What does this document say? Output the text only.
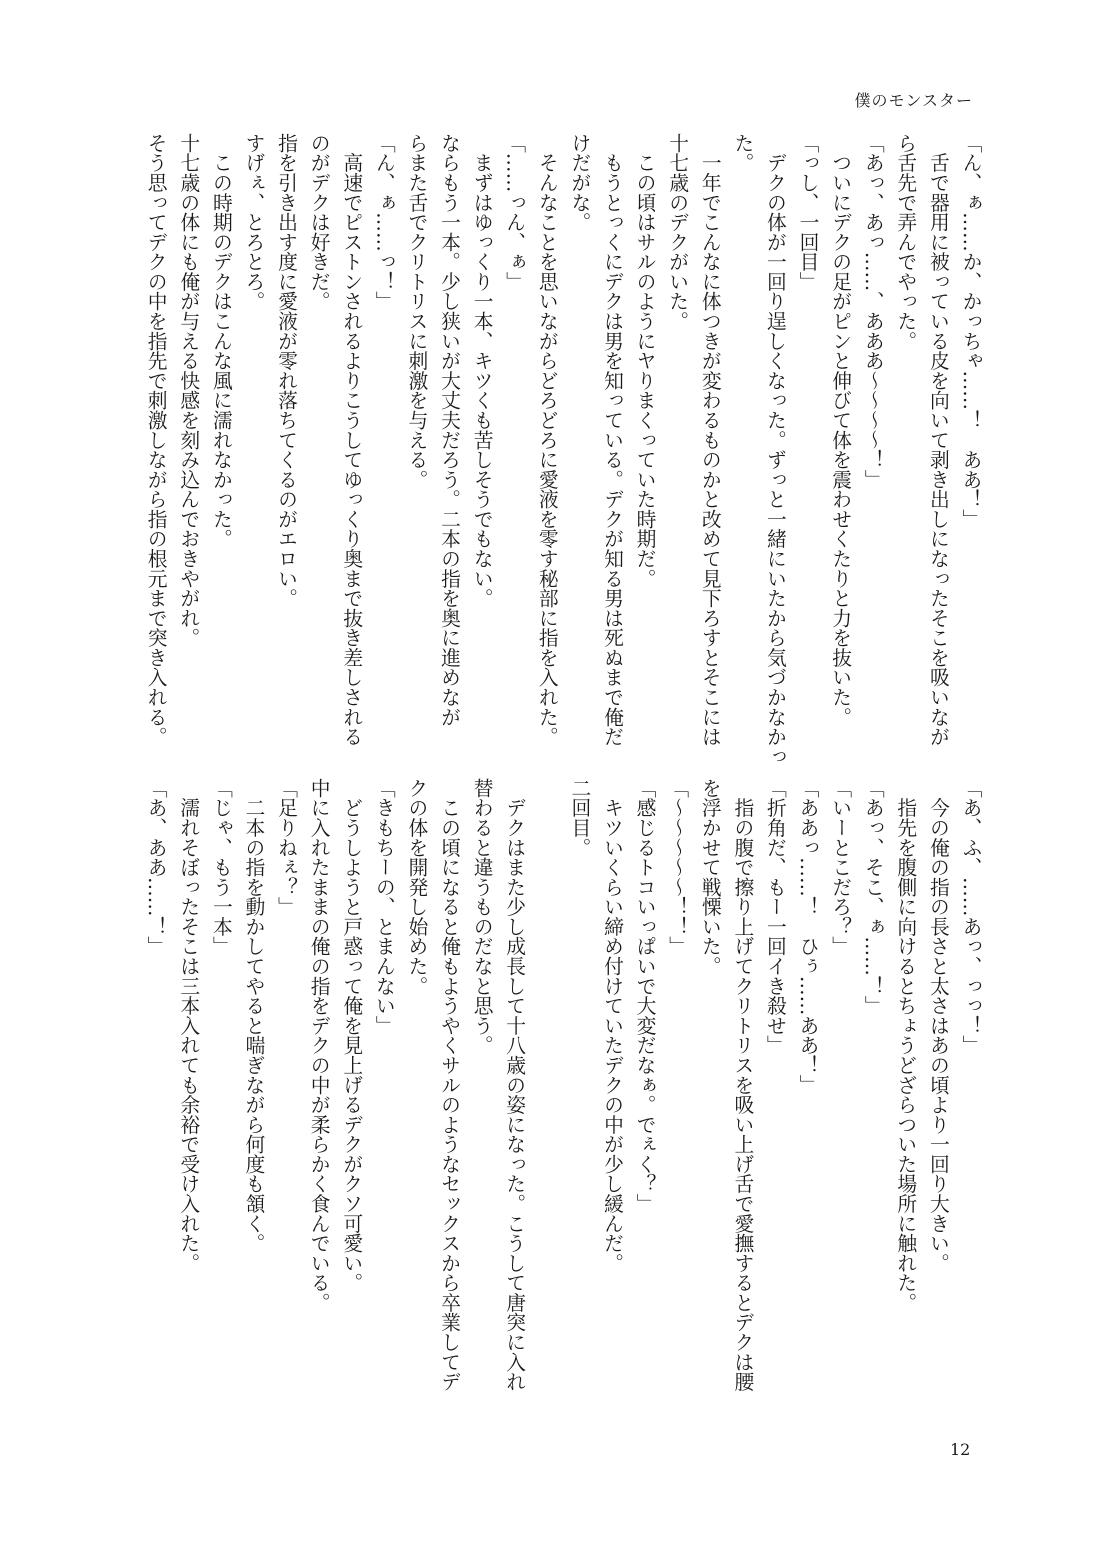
僕のモンスター
「ん、ぁ……か、かっちゃ……！　ああ！」
　舌で器用に被っている皮を向いて剥き出しになったそこを吸いなが
ら舌先で弄んでやった。
「あっ、あっ……、あああ〜〜〜〜！」
　ついにデクの足がピンと伸びて体を震わせくたりと力を抜いた。
「っし、一回目」
　デクの体が一回り逞しくなった。ずっと一緒にいたから気づかなかっ
た。
　一年でこんなに体つきが変わるものかと改めて見下ろすとそこには
十七歳のデクがいた。
　この頃はサルのようにヤりまくっていた時期だ。
　もうとっくにデクは男を知っている。デクが知る男は死ぬまで俺だ
けだがな。
　そんなことを思いながらどろどろに愛液を零す秘部に指を入れた。
「……っん、ぁ」
　まずはゆっくり一本、キツくも苦しそうでもない。
ならもう一本。少し狭いが大丈夫だろう。二本の指を奥に進めなが
らまた舌でクリトリスに刺激を与える。
「ん、ぁ……っ！」
　高速でピストンされるよりこうしてゆっくり奥まで抜き差しされる
のがデクは好きだ。
指を引き出す度に愛液が零れ落ちてくるのがエロい。
すげぇ、とろとろ。
　この時期のデクはこんな風に濡れなかった。
十七歳の体にも俺が与える快感を刻み込んでおきやがれ。
そう思ってデクの中を指先で刺激しながら指の根元まで突き入れる。
「あ、ふ、……あっ、っっ！」
　今の俺の指の長さと太さはあの頃より一回り大きい。
　指先を腹側に向けるとちょうどざらついた場所に触れた。
「あっ、そこ、ぁ……！」
「いーとこだろ？」
「ああっ……！　ひぅ……ああ！」
「折角だ、もー一回イき殺せ」
　指の腹で擦り上げてクリトリスを吸い上げ舌で愛撫するとデクは腰
を浮かせて戦慄いた。
「〜〜〜〜〜！！」
「感じるトコいっぱいで大変だなぁ。でぇく？」
　キツいくらい締め付けていたデクの中が少し緩んだ。
二回目。

　デクはまた少し成長して十八歳の姿になった。こうして唐突に入れ
替わると違うものだなと思う。
　この頃になると俺もようやくサルのようなセックスから卒業してデ
クの体を開発し始めた。
「きもちーの、とまんない」
　どうしようと戸惑って俺を見上げるデクがクソ可愛い。
中に入れたままの俺の指をデクの中が柔らかく食んでいる。
「足りねぇ？」
　二本の指を動かしてやると喘ぎながら何度も頷く。
「じゃ、もう一本」
　濡れそぼったそこは三本入れても余裕で受け入れた。
「あ、ああ……！」
12
